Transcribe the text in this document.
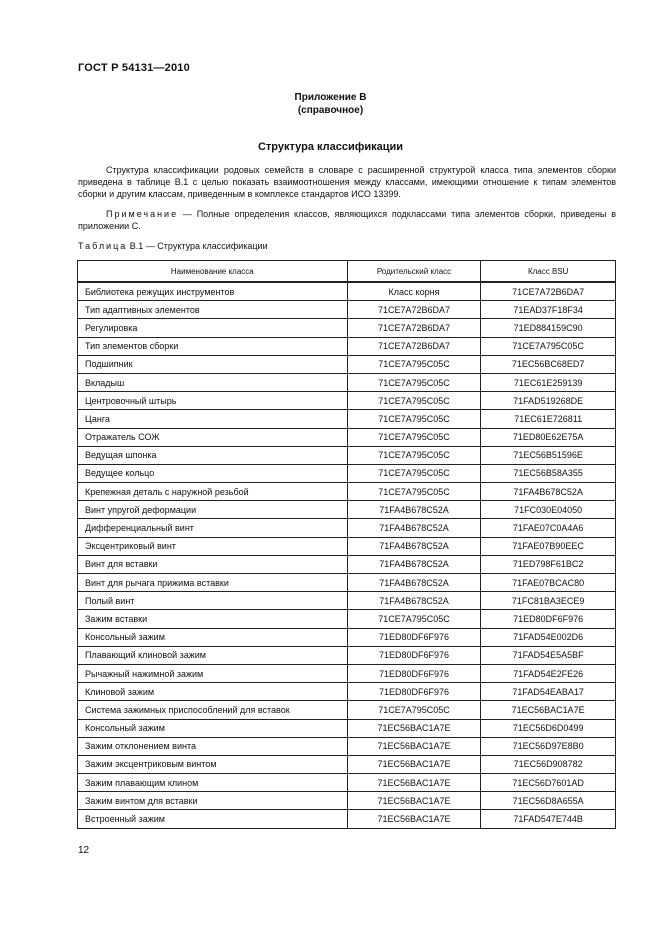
ГОСТ Р 54131—2010
Приложение В
(справочное)
Структура классификации
Структура классификации родовых семейств в словаре с расширенной структурой класса типа элементов сборки приведена в таблице В.1 с целью показать взаимоотношения между классами, имеющими отношение к типам элементов сборки и другим классам, приведенным в комплексе стандартов ИСО 13399.
Примечание — Полные определения классов, являющихся подклассами типа элементов сборки, приведены в приложении С.
Таблица В.1 — Структура классификации
Наименование класса	Родительский класс	Класс BSU
Библиотека режущих инструментов	Класс корня	71CE7A72B6DA7
Тип адаптивных элементов	71CE7A72B6DA7	71EAD37F18F34
Регулировка	71CE7A72B6DA7	71ED884159C90
Тип элементов сборки	71CE7A72B6DA7	71CE7A795C05C
Подшипник	71CE7A795C05C	71EC56BC68ED7
Вкладыш	71CE7A795C05C	71EC61E259139
Центровочный штырь	71CE7A795C05C	71FAD519268DE
Цанга	71CE7A795C05C	71EC61E726811
Отражатель СОЖ	71CE7A795C05C	71ED80E62E75A
Ведущая шпонка	71CE7A795C05C	71EC56B51596E
Ведущее кольцо	71CE7A795C05C	71EC56B58A355
Крепежная деталь с наружной резьбой	71CE7A795C05C	71FA4B678C52A
Винт упругой деформации	71FA4B678C52A	71FC030E04050
Дифференциальный винт	71FA4B678C52A	71FAE07C0A4A6
Эксцентриковый винт	71FA4B678C52A	71FAE07B90EEC
Винт для вставки	71FA4B678C52A	71ED798F61BC2
Винт для рычага прижима вставки	71FA4B678C52A	71FAE07BCAC80
Полый винт	71FA4B678C52A	71FC81BA3ECE9
Зажим вставки	71CE7A795C05C	71ED80DF6F976
Консольный зажим	71ED80DF6F976	71FAD54E002D6
Плавающий клиновой зажим	71ED80DF6F976	71FAD54E5A5BF
Рычажный нажимной зажим	71ED80DF6F976	71FAD54E2FE26
Клиновой зажим	71ED80DF6F976	71FAD54EABA17
Система зажимных приспособлений для вставок	71CE7A795C05C	71EC56BAC1A7E
Консольный зажим	71EC56BAC1A7E	71EC56D6D0499
Зажим отклонением винта	71EC56BAC1A7E	71EC56D97E8B0
Зажим эксцентриковым винтом	71EC56BAC1A7E	71EC56D908782
Зажим плавающим клином	71EC56BAC1A7E	71EC56D7601AD
Зажим винтом для вставки	71EC56BAC1A7E	71EC56D8A655A
Встроенный зажим	71EC56BAC1A7E	71FAD547E744B
12
